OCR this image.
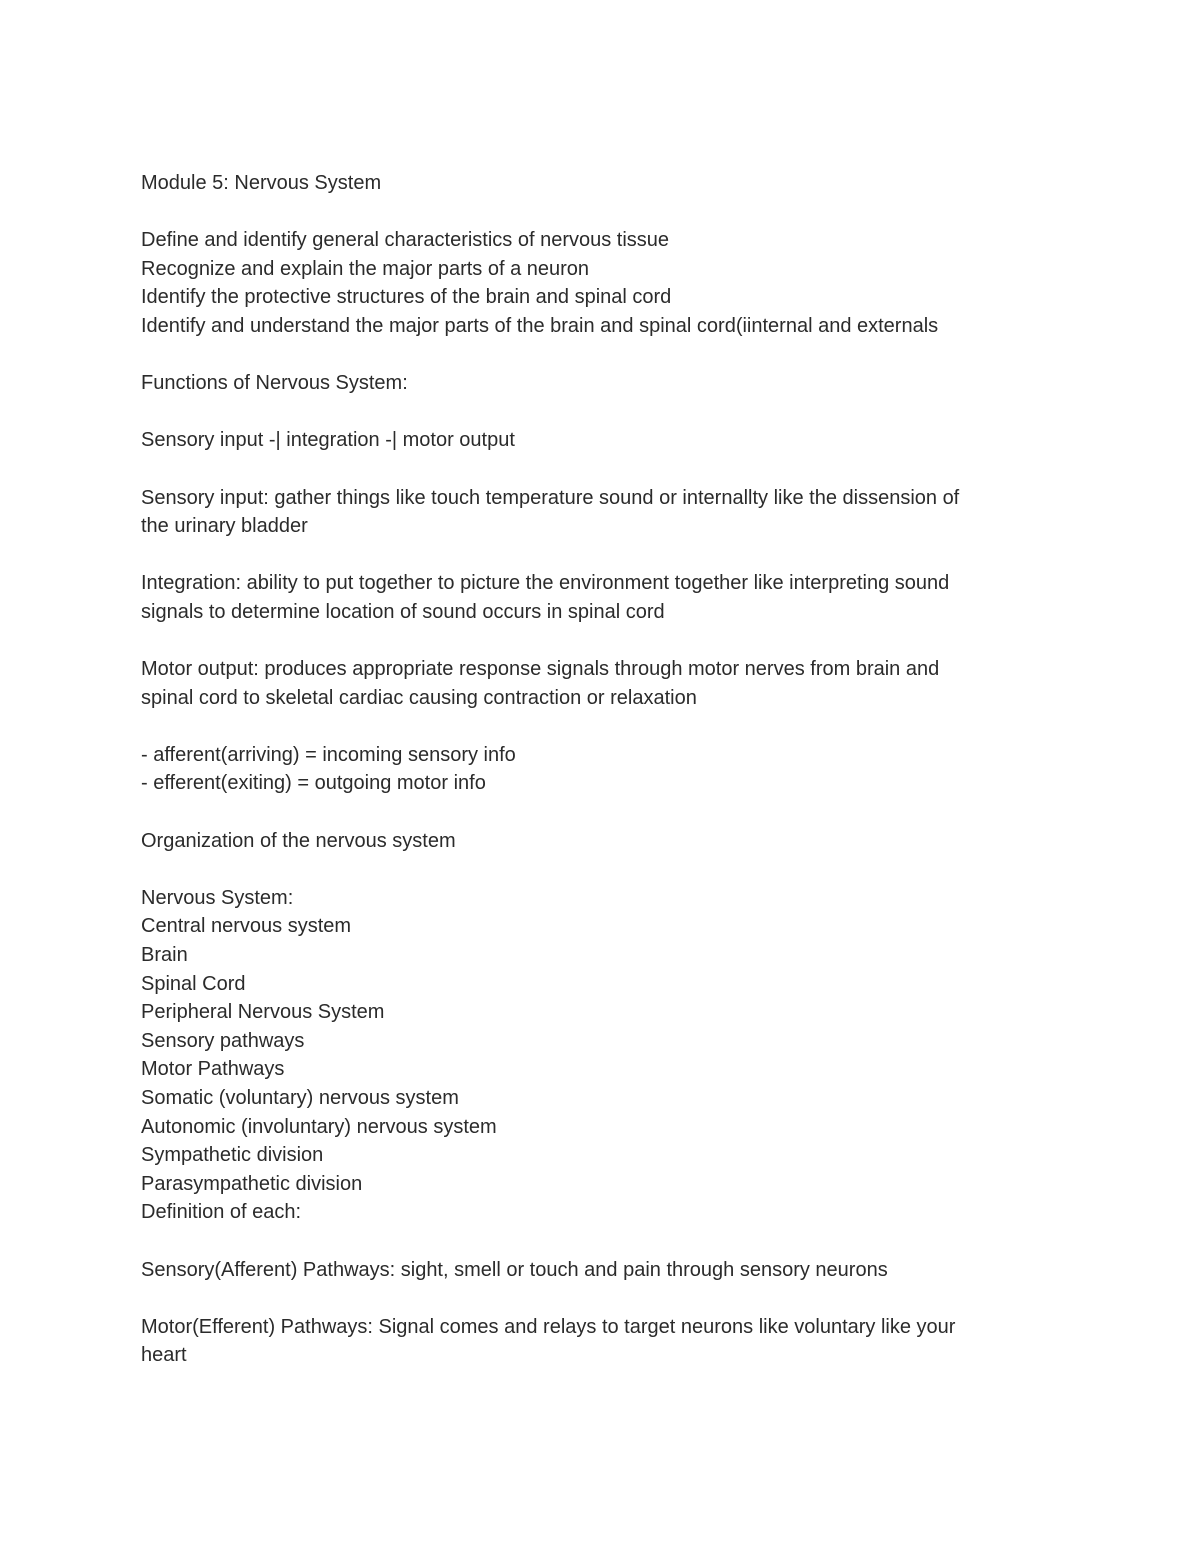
Module 5: Nervous System
Define and identify general characteristics of nervous tissue
Recognize and explain the major parts of a neuron
Identify the protective structures of the brain and spinal cord
Identify and understand the major parts of the brain and spinal cord(iinternal and externals
Functions of Nervous System:
Sensory input -| integration -| motor output
Sensory input: gather things like touch temperature sound or internallty like the dissension of
the urinary bladder
Integration: ability to put together to picture the environment together like interpreting sound
signals to determine location of sound occurs in spinal cord
Motor output: produces appropriate response signals through motor nerves from brain and
spinal cord to skeletal cardiac causing contraction or relaxation
- afferent(arriving) = incoming sensory info
- efferent(exiting) = outgoing motor info
Organization of the nervous system
Nervous System:
Central nervous system
Brain
Spinal Cord
Peripheral Nervous System
Sensory pathways
Motor Pathways
Somatic (voluntary) nervous system
Autonomic (involuntary) nervous system
Sympathetic division
Parasympathetic division
Definition of each:
Sensory(Afferent) Pathways: sight, smell or touch and pain through sensory neurons
Motor(Efferent) Pathways: Signal comes and relays to target neurons like voluntary like your
heart
